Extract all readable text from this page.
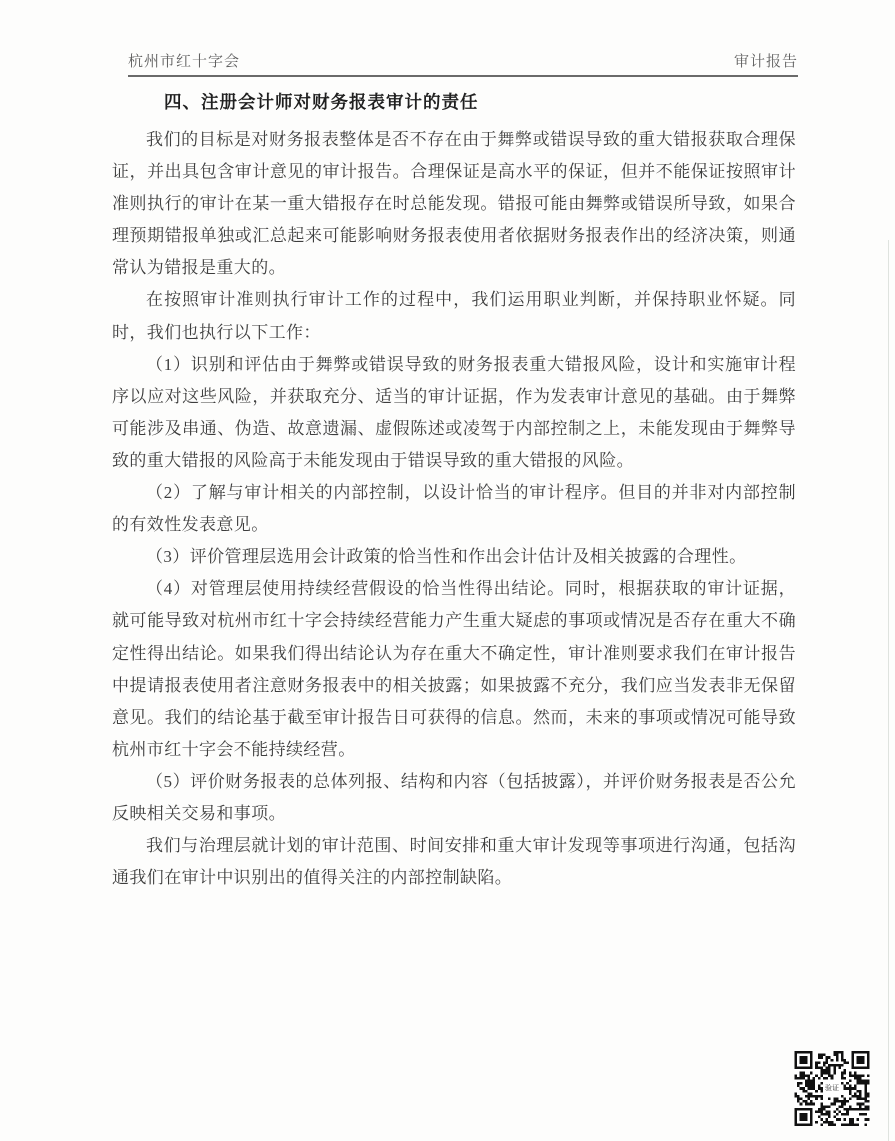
杭州市红十字会	审计报告
四、注册会计师对财务报表审计的责任

我们的目标是对财务报表整体是否不存在由于舞弊或错误导致的重大错报获取合理保证，并出具包含审计意见的审计报告。合理保证是高水平的保证，但并不能保证按照审计准则执行的审计在某一重大错报存在时总能发现。错报可能由舞弊或错误所导致，如果合理预期错报单独或汇总起来可能影响财务报表使用者依据财务报表作出的经济决策，则通常认为错报是重大的。

在按照审计准则执行审计工作的过程中，我们运用职业判断，并保持职业怀疑。同时，我们也执行以下工作：

（1）识别和评估由于舞弊或错误导致的财务报表重大错报风险，设计和实施审计程序以应对这些风险，并获取充分、适当的审计证据，作为发表审计意见的基础。由于舞弊可能涉及串通、伪造、故意遗漏、虚假陈述或凌驾于内部控制之上，未能发现由于舞弊导致的重大错报的风险高于未能发现由于错误导致的重大错报的风险。

（2）了解与审计相关的内部控制，以设计恰当的审计程序。但目的并非对内部控制的有效性发表意见。

（3）评价管理层选用会计政策的恰当性和作出会计估计及相关披露的合理性。

（4）对管理层使用持续经营假设的恰当性得出结论。同时，根据获取的审计证据，就可能导致对杭州市红十字会持续经营能力产生重大疑虑的事项或情况是否存在重大不确定性得出结论。如果我们得出结论认为存在重大不确定性，审计准则要求我们在审计报告中提请报表使用者注意财务报表中的相关披露；如果披露不充分，我们应当发表非无保留意见。我们的结论基于截至审计报告日可获得的信息。然而，未来的事项或情况可能导致杭州市红十字会不能持续经营。

（5）评价财务报表的总体列报、结构和内容（包括披露），并评价财务报表是否公允反映相关交易和事项。

我们与治理层就计划的审计范围、时间安排和重大审计发现等事项进行沟通，包括沟通我们在审计中识别出的值得关注的内部控制缺陷。

验证
